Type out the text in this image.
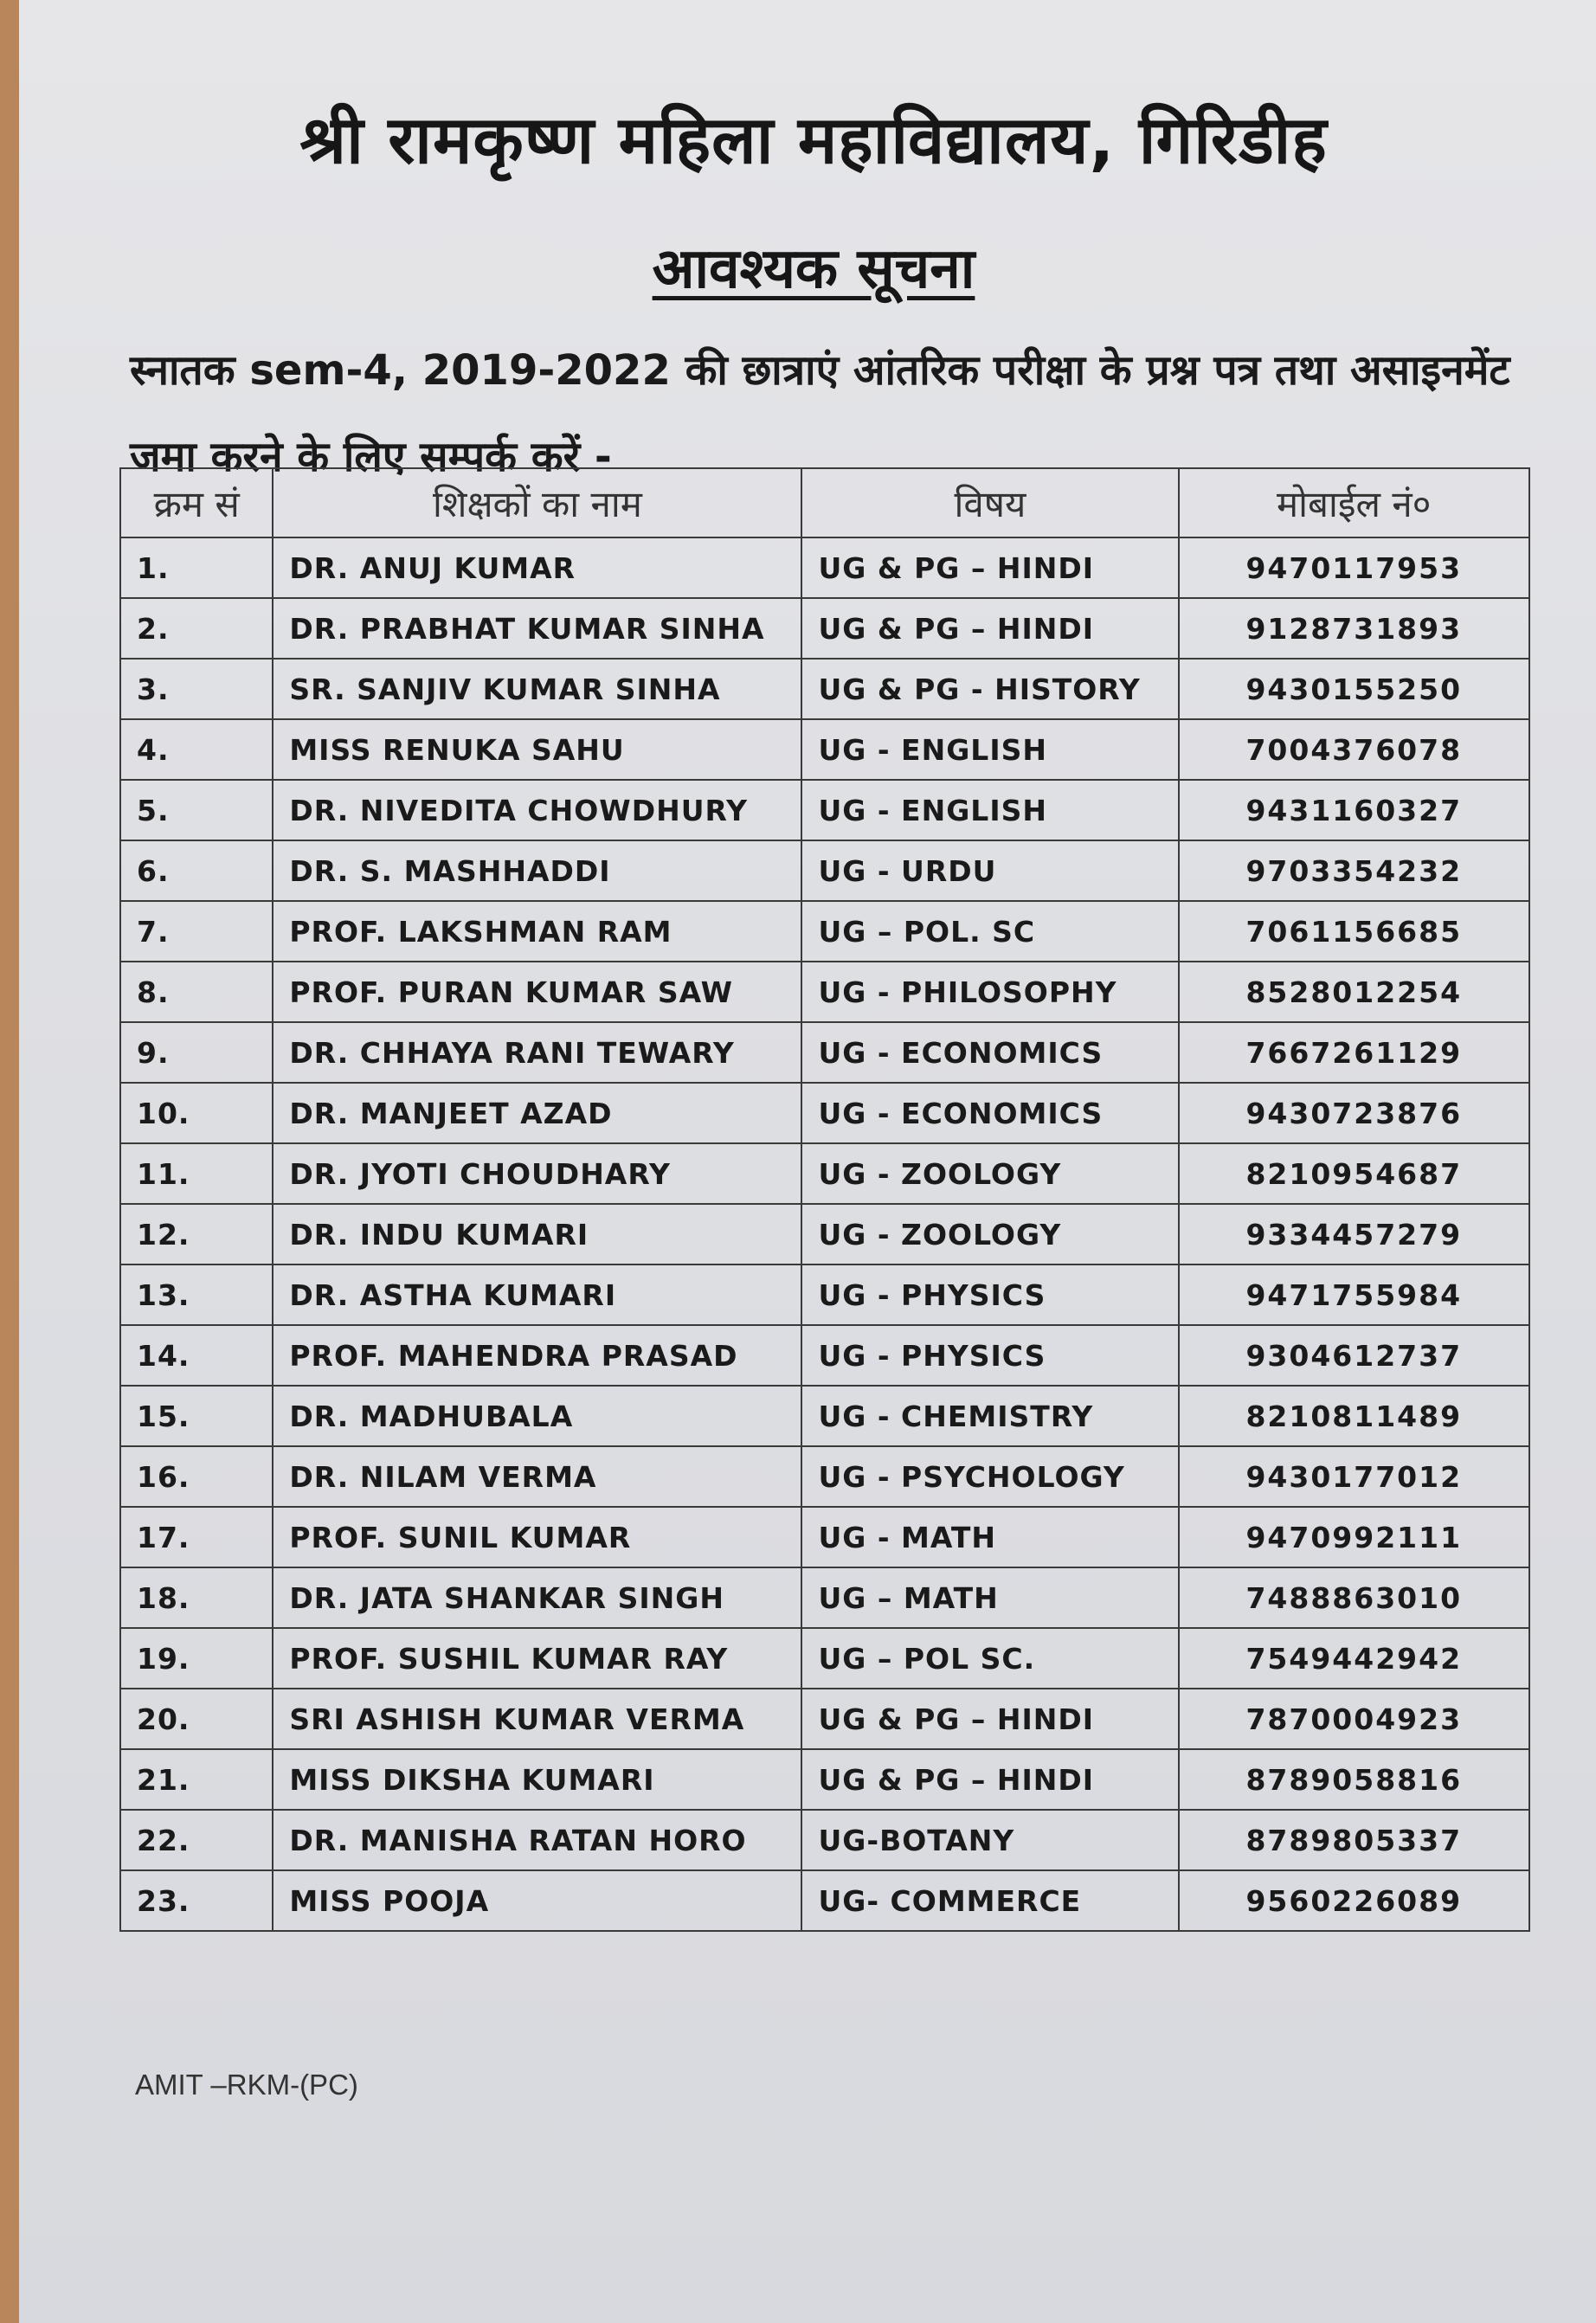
श्री रामकृष्ण महिला महाविद्यालय, गिरिडीह
आवश्यक सूचना
स्नातक sem-4, 2019-2022 की छात्राएं आंतरिक परीक्षा के प्रश्न पत्र तथा असाइनमेंट जमा करने के लिए सम्पर्क करें -
क्रम सं	शिक्षकों का नाम	विषय	मोबाईल नं०
1.	DR. ANUJ KUMAR	UG & PG – HINDI	9470117953
2.	DR. PRABHAT KUMAR SINHA	UG & PG – HINDI	9128731893
3.	SR. SANJIV KUMAR SINHA	UG & PG - HISTORY	9430155250
4.	MISS RENUKA SAHU	UG - ENGLISH	7004376078
5.	DR. NIVEDITA CHOWDHURY	UG - ENGLISH	9431160327
6.	DR. S. MASHHADDI	UG - URDU	9703354232
7.	PROF. LAKSHMAN RAM	UG – POL. SC	7061156685
8.	PROF. PURAN KUMAR SAW	UG - PHILOSOPHY	8528012254
9.	DR. CHHAYA RANI TEWARY	UG - ECONOMICS	7667261129
10.	DR. MANJEET AZAD	UG - ECONOMICS	9430723876
11.	DR. JYOTI CHOUDHARY	UG - ZOOLOGY	8210954687
12.	DR. INDU KUMARI	UG - ZOOLOGY	9334457279
13.	DR. ASTHA KUMARI	UG - PHYSICS	9471755984
14.	PROF. MAHENDRA PRASAD	UG - PHYSICS	9304612737
15.	DR. MADHUBALA	UG - CHEMISTRY	8210811489
16.	DR. NILAM VERMA	UG - PSYCHOLOGY	9430177012
17.	PROF. SUNIL KUMAR	UG - MATH	9470992111
18.	DR. JATA SHANKAR SINGH	UG – MATH	7488863010
19.	PROF. SUSHIL KUMAR RAY	UG – POL SC.	7549442942
20.	SRI ASHISH KUMAR VERMA	UG & PG – HINDI	7870004923
21.	MISS DIKSHA KUMARI	UG & PG – HINDI	8789058816
22.	DR. MANISHA RATAN HORO	UG-BOTANY	8789805337
23.	MISS POOJA	UG- COMMERCE	9560226089
AMIT –RKM-(PC)
